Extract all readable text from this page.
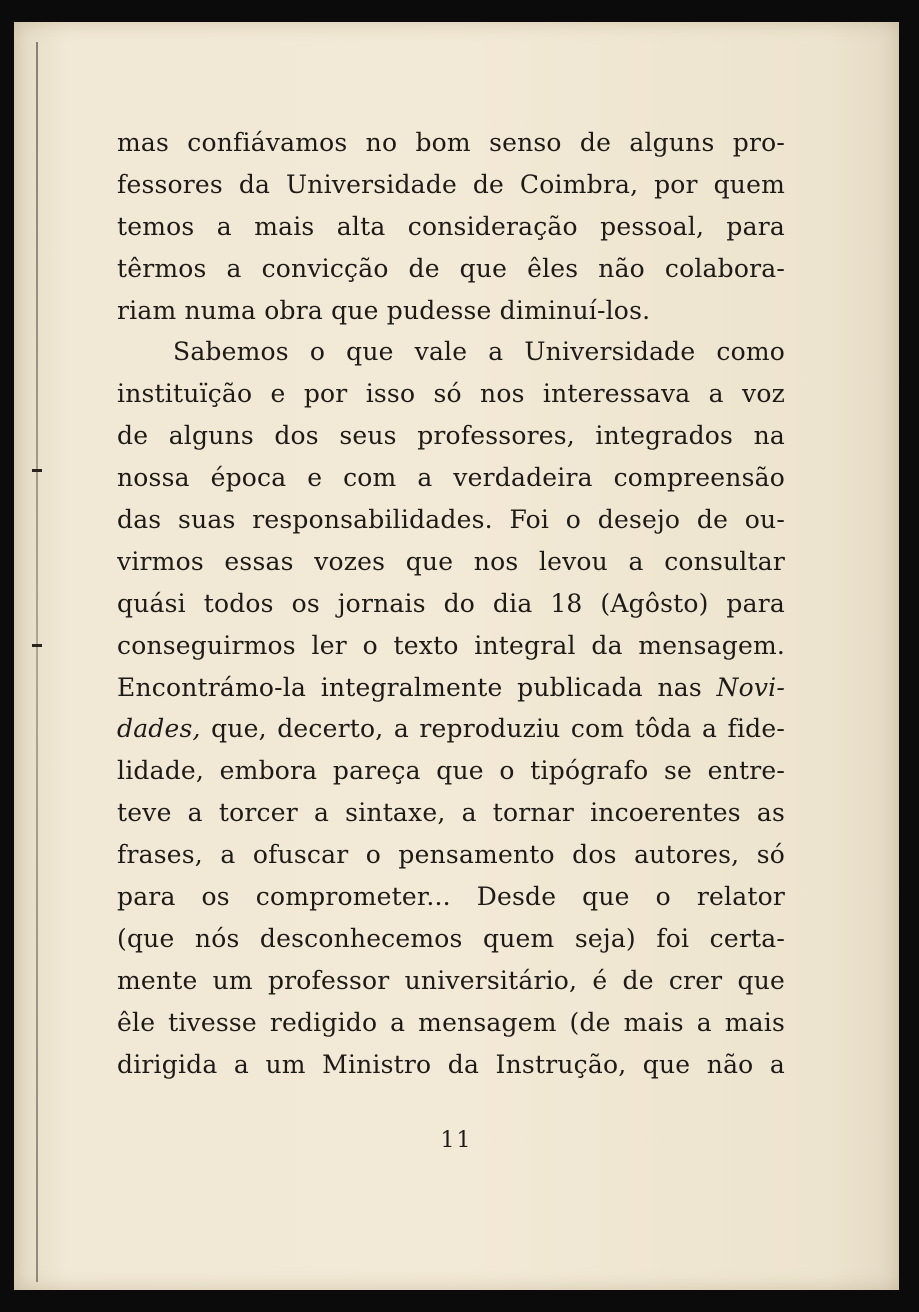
mas confiávamos no bom senso de alguns pro-
fessores da Universidade de Coimbra, por quem
temos a mais alta consideração pessoal, para
têrmos a convicção de que êles não colabora-
riam numa obra que pudesse diminuí-los.
Sabemos o que vale a Universidade como
instituïção e por isso só nos interessava a voz
de alguns dos seus professores, integrados na
nossa época e com a verdadeira compreensão
das suas responsabilidades. Foi o desejo de ou-
virmos essas vozes que nos levou a consultar
quási todos os jornais do dia 18 (Agôsto) para
conseguirmos ler o texto integral da mensagem.
Encontrámo-la integralmente publicada nas Novi-
dades, que, decerto, a reproduziu com tôda a fide-
lidade, embora pareça que o tipógrafo se entre-
teve a torcer a sintaxe, a tornar incoerentes as
frases, a ofuscar o pensamento dos autores, só
para os comprometer... Desde que o relator
(que nós desconhecemos quem seja) foi certa-
mente um professor universitário, é de crer que
êle tivesse redigido a mensagem (de mais a mais
dirigida a um Ministro da Instrução, que não a
11
